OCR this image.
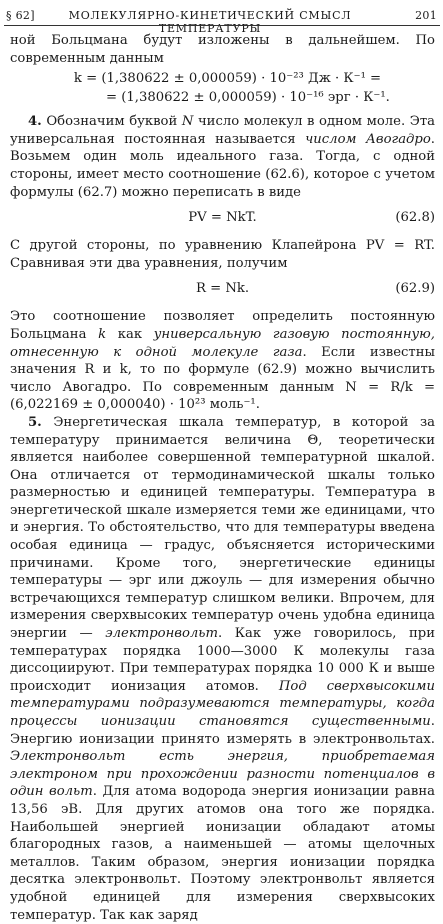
§ 62]	МОЛЕКУЛЯРНО-КИНЕТИЧЕСКИЙ СМЫСЛ ТЕМПЕРАТУРЫ
201

ной Больцмана будут изложены в дальнейшем. По современным данным

k = (1,380622 ± 0,000059) · 10⁻²³ Дж · К⁻¹ =
= (1,380622 ± 0,000059) · 10⁻¹⁶ эрг · К⁻¹.

4. Обозначим буквой N число молекул в одном моле. Эта универсальная постоянная называется числом Авогадро. Возьмем один моль идеального газа. Тогда, с одной стороны, имеет место соотношение (62.6), которое с учетом формулы (62.7) можно переписать в виде

PV = NkT.	(62.8)

С другой стороны, по уравнению Клапейрона PV = RT. Сравнивая эти два уравнения, получим

R = Nk.	(62.9)

Это соотношение позволяет определить постоянную Больцмана k как универсальную газовую постоянную, отнесенную к одной молекуле газа. Если известны значения R и k, то по формуле (62.9) можно вычислить число Авогадро. По современным данным N = R/k = (6,022169 ± 0,000040) · 10²³ моль⁻¹.

5. Энергетическая шкала температур, в которой за температуру принимается величина Θ, теоретически является наиболее совершенной температурной шкалой. Она отличается от термодинамической шкалы только размерностью и единицей температуры. Температура в энергетической шкале измеряется теми же единицами, что и энергия. То обстоятельство, что для температуры введена особая единица — градус, объясняется историческими причинами. Кроме того, энергетические единицы температуры — эрг или джоуль — для измерения обычно встречающихся температур слишком велики. Впрочем, для измерения сверхвысоких температур очень удобна единица энергии — электронвольт. Как уже говорилось, при температурах порядка 1000—3000 К молекулы газа диссоциируют. При температурах порядка 10 000 К и выше происходит ионизация атомов. Под сверхвысокими температурами подразумеваются температуры, когда процессы ионизации становятся существенными. Энергию ионизации принято измерять в электронвольтах. Электронвольт есть энергия, приобретаемая электроном при прохождении разности потенциалов в один вольт. Для атома водорода энергия ионизации равна 13,56 эВ. Для других атомов она того же порядка. Наибольшей энергией ионизации обладают атомы благородных газов, а наименьшей — атомы щелочных металлов. Таким образом, энергия ионизации порядка десятка электронвольт. Поэтому электронвольт является удобной единицей для измерения сверхвысоких температур. Так как заряд
